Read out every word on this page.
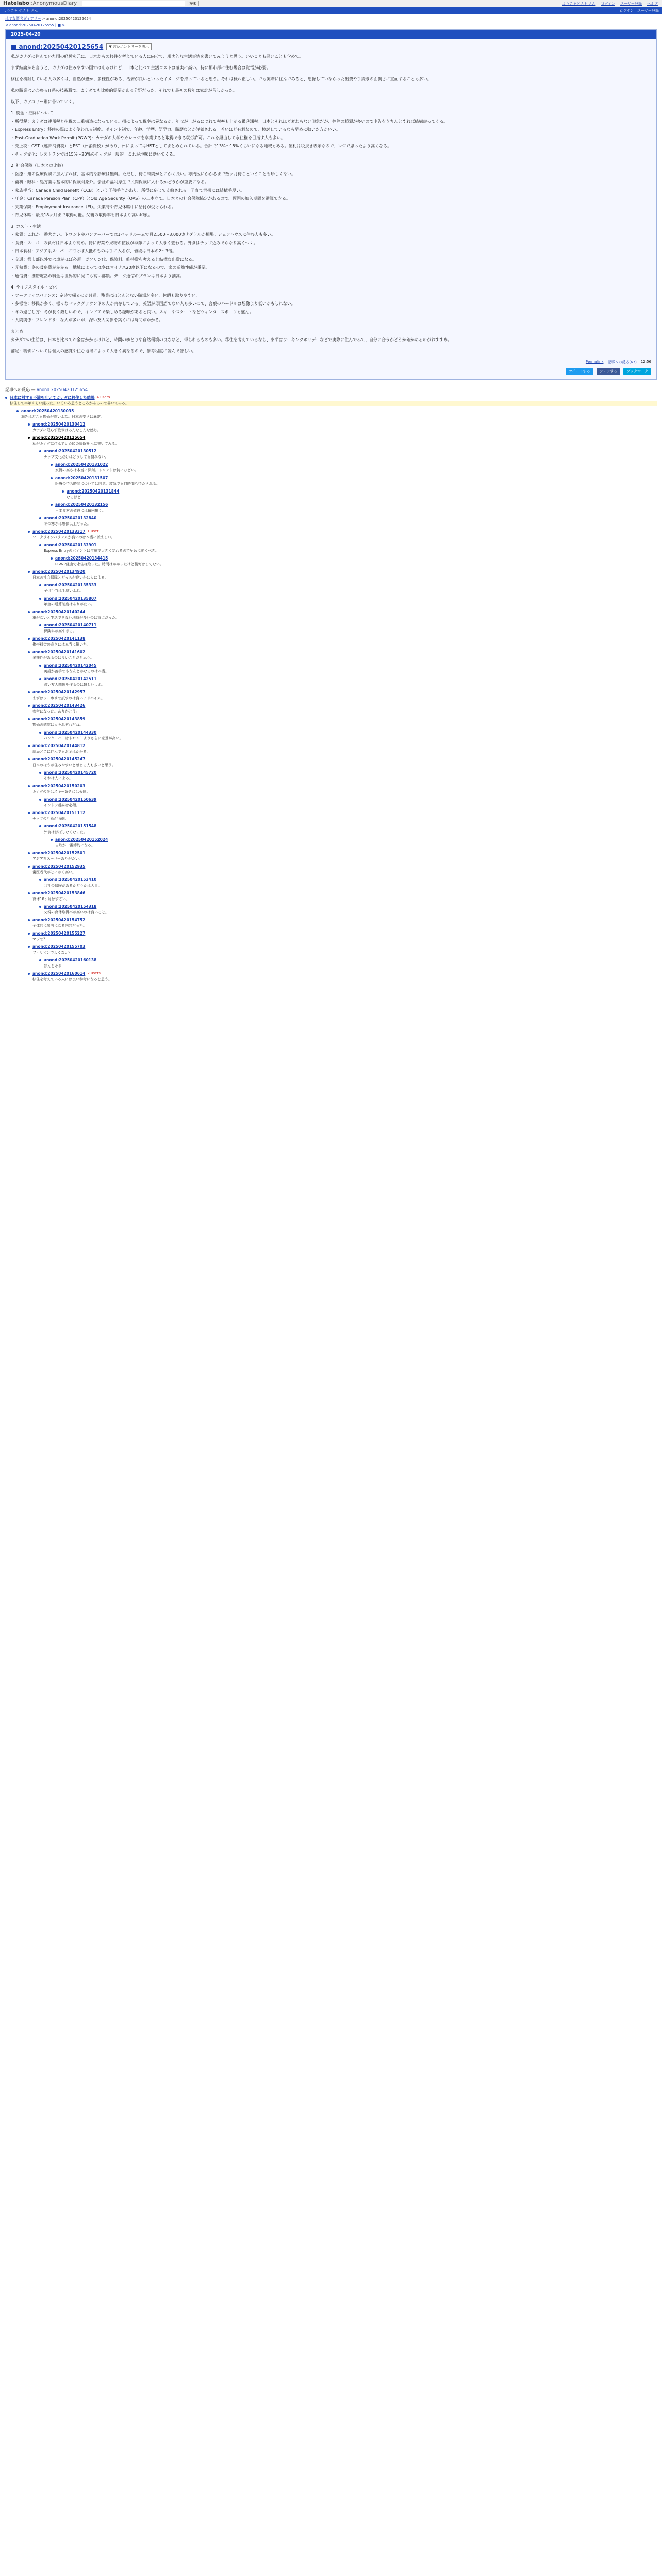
Hatelabo::AnonymousDiary	検索	ようこそゲスト さん ログイン ユーザー登録 ヘルプ
ようこそ ゲスト さん	ログイン ユーザー登録
はてな匿名ダイアリー > anond:20250420125654
< anond:20250420125555 | ■ >
2025-04-20
■ anond:20250420125654	▼ 言及エントリーを表示

私がカナダに住んでいた頃の経験を元に、日本からの移住を考えている人に向けて、現実的な生活事情を書いてみようと思う。いいことも悪いことも含めて。

まず結論から言うと、カナダは住みやすい国ではあるけれど、日本と比べて生活コストは確実に高い。特に都市部に住む場合は覚悟が必要。

移住を検討している人の多くは、自然が豊か、多様性がある、治安が良いといったイメージを持っていると思う。それは概ね正しい。でも実際に住んでみると、想像していなかった出費や手続きの面倒さに直面することも多い。

私の職業はいわゆるIT系の技術職で、カナダでも比較的需要がある分野だった。それでも最初の数年は家計が苦しかった。

以下、カテゴリー別に書いていく。

1. 税金・控除について

・所得税：カナダは連邦税と州税の二重構造になっている。州によって税率は異なるが、年収が上がるにつれて税率も上がる累進課税。日本とそれほど変わらない印象だが、控除の種類が多いので申告をきちんとすれば結構戻ってくる。

・Express Entry：移住の際によく使われる制度。ポイント制で、年齢、学歴、語学力、職歴などが評価される。若いほど有利なので、検討しているなら早めに動いた方がいい。

・Post-Graduation Work Permit (PGWP)：カナダの大学やカレッジを卒業すると取得できる就労許可。これを経由して永住権を目指す人も多い。

・売上税：GST（連邦消費税）とPST（州消費税）があり、州によってはHSTとしてまとめられている。合計で13%〜15%くらいになる地域もある。値札は税抜き表示なので、レジで思ったより高くなる。

・チップ文化：レストランでは15%〜20%のチップが一般的。これが地味に効いてくる。

2. 社会保障（日本との比較）

・医療：州の医療保険に加入すれば、基本的な診療は無料。ただし、待ち時間がとにかく長い。専門医にかかるまで数ヶ月待ちということも珍しくない。

・歯科・眼科・処方薬は基本的に保険対象外。会社の福利厚生で民間保険に入れるかどうかが重要になる。

・家族手当：Canada Child Benefit（CCB）という子供手当があり、所得に応じて支給される。子育て世帯には結構手厚い。

・年金：Canada Pension Plan（CPP）とOld Age Security（OAS）の二本立て。日本との社会保障協定があるので、両国の加入期間を通算できる。

・失業保険：Employment Insurance（EI）。失業時や育児休暇中に給付が受けられる。

・育児休暇：最長18ヶ月まで取得可能。父親の取得率も日本より高い印象。

3. コスト・生活

・家賃：これが一番大きい。トロントやバンクーバーでは1ベッドルームで月2,500〜3,000カナダドルが相場。シェアハウスに住む人も多い。

・食費：スーパーの食材は日本より高め。特に野菜や果物の値段が季節によって大きく変わる。外食はチップ込みでかなり高くつく。

・日本食材：アジア系スーパーに行けば大抵のものは手に入るが、値段は日本の2〜3倍。

・交通：都市部以外では車がほぼ必須。ガソリン代、保険料、維持費を考えると結構な出費になる。

・光熱費：冬の暖房費がかかる。地域によっては冬はマイナス20度以下になるので、家の断熱性能が重要。

・通信費：携帯電話の料金は世界的に見ても高い部類。データ通信のプランは日本より割高。

4. ライフスタイル・文化

・ワークライフバランス：定時で帰るのが普通。残業はほとんどない職場が多い。休暇も取りやすい。

・多様性：移民が多く、様々なバックグラウンドの人が共存している。英語が母国語でない人も多いので、言葉のハードルは想像より低いかもしれない。

・冬の過ごし方：冬が長く厳しいので、インドアで楽しめる趣味があると良い。スキーやスケートなどウィンタースポーツも盛ん。

・人間関係：フレンドリーな人が多いが、深い友人関係を築くには時間がかかる。

まとめ

カナダでの生活は、日本と比べてお金はかかるけれど、時間のゆとりや自然環境の良さなど、得られるものも多い。移住を考えているなら、まずはワーキングホリデーなどで実際に住んでみて、自分に合うかどうか確かめるのがおすすめ。

補足：物価については個人の感覚や住む地域によって大きく異なるので、参考程度に読んでほしい。

Permalink 記事への反応(67) 12:56
ツイートする	シェアする	ブックマーク
記事への反応 — anond:20250420125654
日本に対する不満を吐いてカナダに移住した結果 4 users
移住して半年くらい経った。いろいろ思うところがあるので書いてみる。
anond:20250420130035
海外はどこも物価が高いよな。日本の安さは異常。
anond:20250420130412
カナダに限らず欧米はみんなこんな感じ。
anond:20250420125654
私がカナダに住んでいた頃の経験を元に書いてみる。
anond:20250420130512
チップ文化だけはどうしても慣れない。
anond:20250420131022
家賃の高さは本当に深刻。トロントは特にひどい。
anond:20250420131507
医療の待ち時間については同意。救急でも何時間も待たされる。
anond:20250420131844
なるほど
anond:20250420132156
日本食材の値段には毎回驚く。
anond:20250420132840
冬の寒さは想像以上だった。
anond:20250420133317 1 user
ワークライフバランスが良いのは本当に羨ましい。
anond:20250420133901
Express Entryのポイントは年齢で大きく変わるので早めに動くべき。
anond:20250420134415
PGWP経由で永住権取った。時間はかかったけど後悔はしてない。
anond:20250420134920
日本の社会保障とどっちが良いかは人による。
anond:20250420135333
子供手当は手厚いよね。
anond:20250420135807
年金の通算制度はありがたい。
anond:20250420140244
車がないと生活できない地域が多いのは盲点だった。
anond:20250420140711
保険料が高すぎる。
anond:20250420141138
携帯料金の高さには本当に驚いた。
anond:20250420141602
多様性があるのは良いことだと思う。
anond:20250420142045
英語が苦手でもなんとかなるのは本当。
anond:20250420142511
深い友人関係を作るのは難しいよね。
anond:20250420142957
まずはワーホリで試すのは良いアドバイス。
anond:20250420143426
参考になった。ありがとう。
anond:20250420143859
物価の感覚は人それぞれだね。
anond:20250420144330
バンクーバーはトロントよりさらに家賃が高い。
anond:20250420144812
結局どこに住んでもお金はかかる。
anond:20250420145247
日本のほうが住みやすいと感じる人も多いと思う。
anond:20250420145720
それは人による。
anond:20250420150203
カナダの冬はスキー好きには天国。
anond:20250420150639
インドア趣味は必須。
anond:20250420151112
チップの計算が面倒。
anond:20250420151548
外食はほぼしなくなった。
anond:20250420152024
自炊が一番節約になる。
anond:20250420152501
アジア系スーパーありがたい。
anond:20250420152935
歯医者代がとにかく高い。
anond:20250420153410
会社の保険があるかどうかは大事。
anond:20250420153846
育休18ヶ月はすごい。
anond:20250420154318
父親の育休取得率が高いのは良いこと。
anond:20250420154752
全体的に参考になる内容だった。
anond:20250420155227
マジで？
anond:20250420155703
フィリピンでよくない？
anond:20250420160138
ほんとそれ
anond:20250420160614 2 users
移住を考えている人には良い参考になると思う。
